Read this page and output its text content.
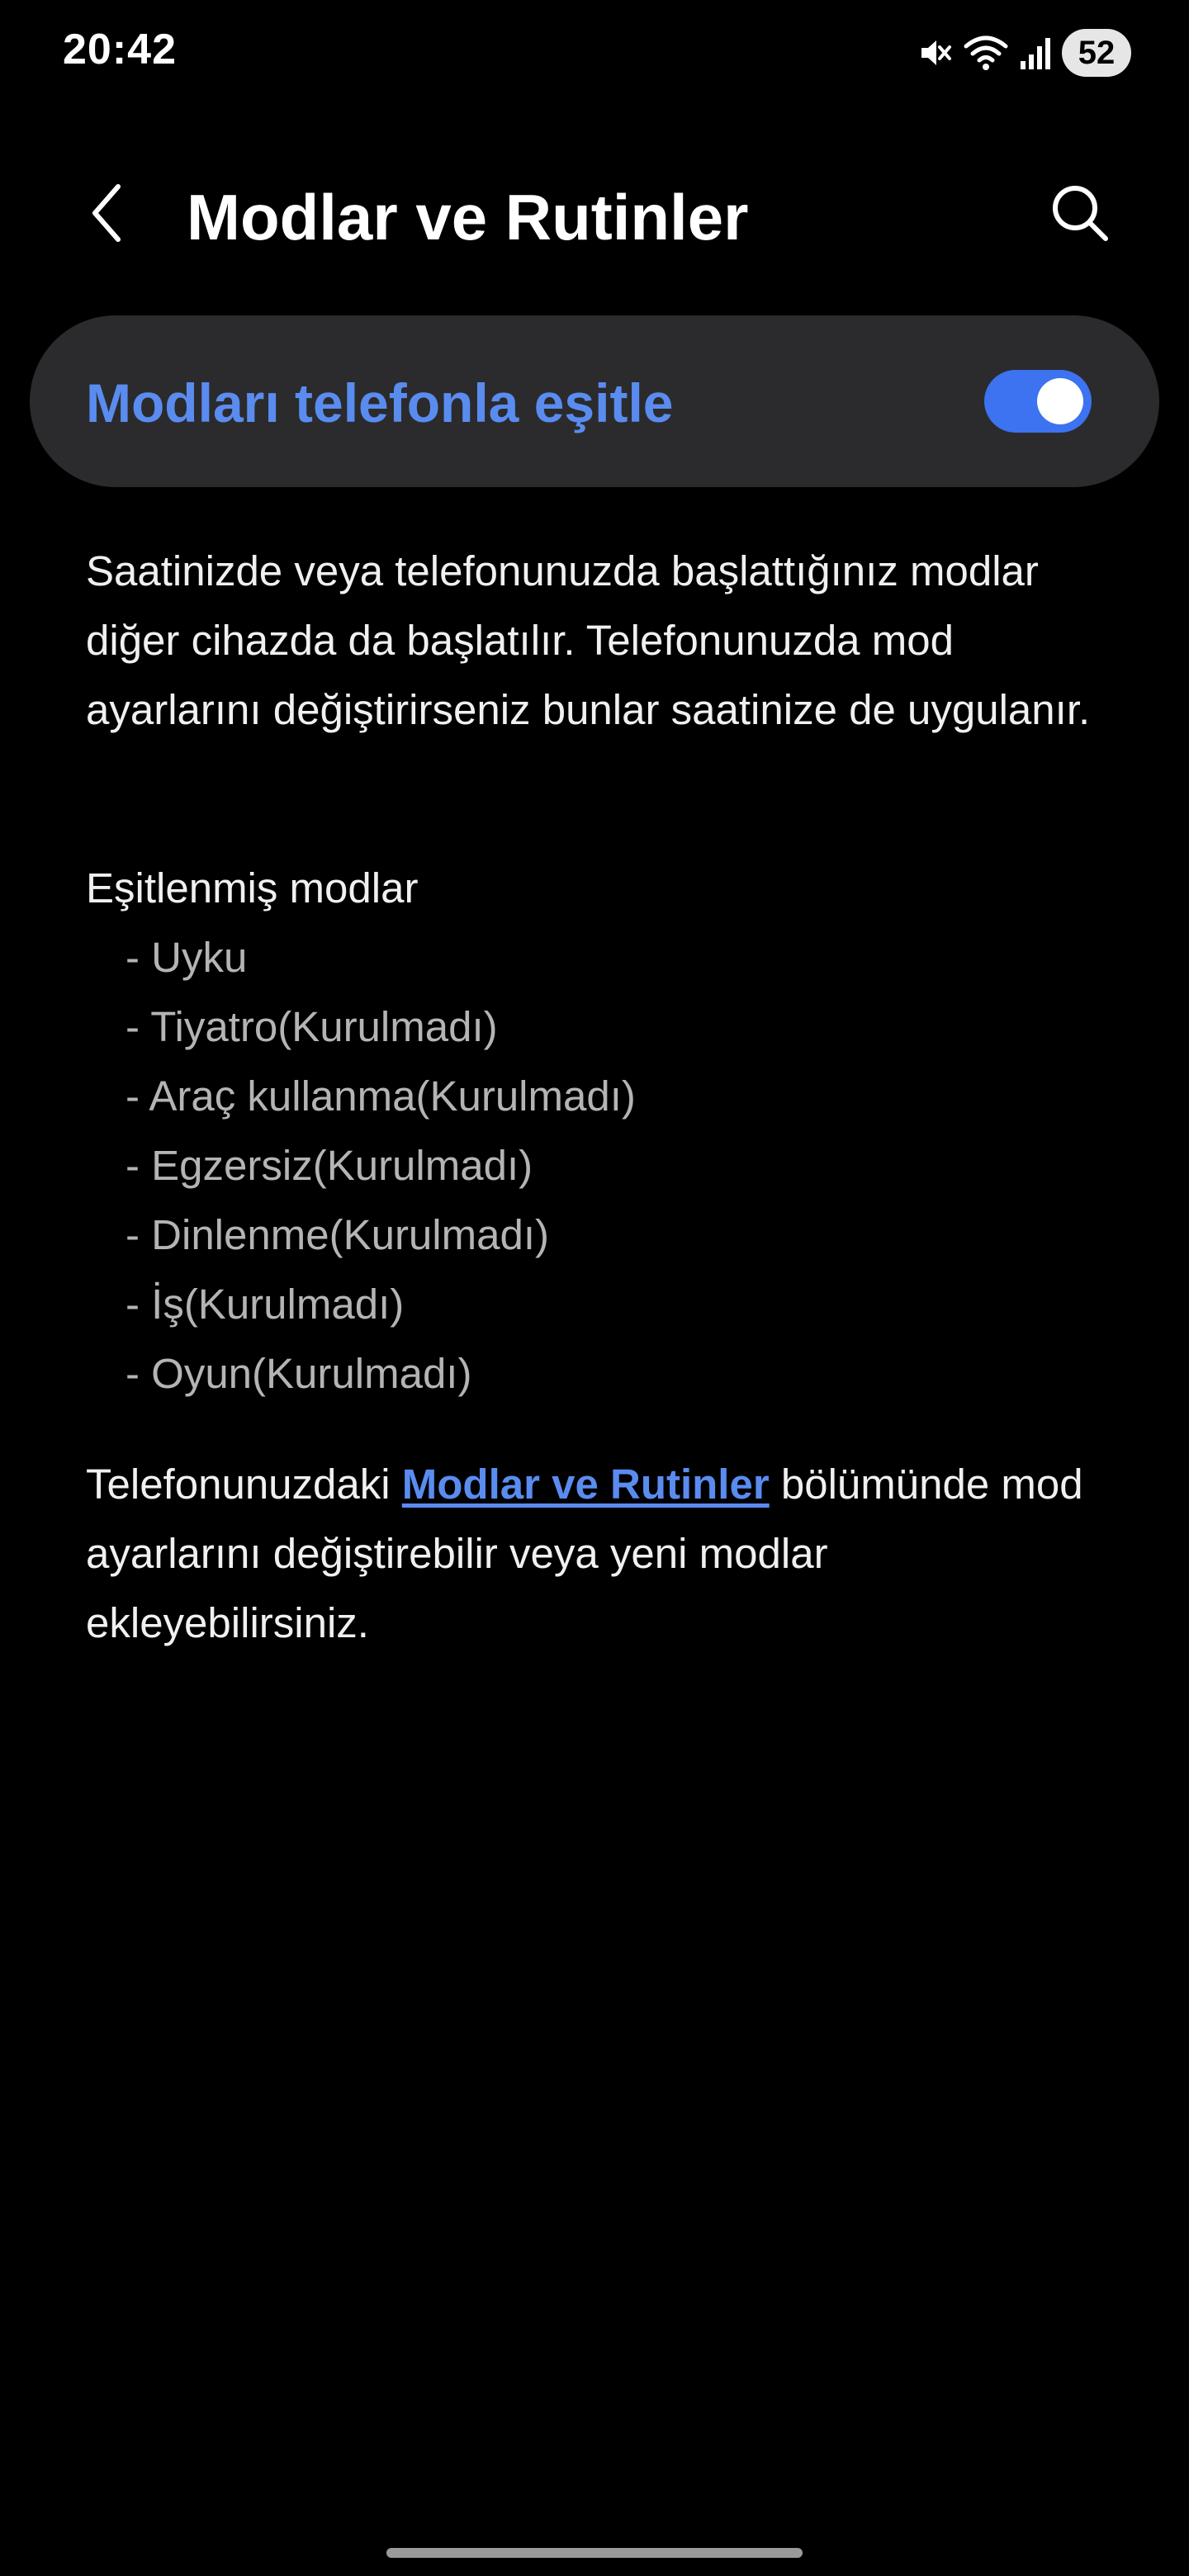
20:42	52
Modlar ve Rutinler
Modları telefonla eşitle

Saatinizde veya telefonunuzda başlattığınız modlar diğer cihazda da başlatılır. Telefonunuzda mod ayarlarını değiştirirseniz bunlar saatinize de uygulanır.

Eşitlenmiş modlar

- Uyku
- Tiyatro(Kurulmadı)
- Araç kullanma(Kurulmadı)
- Egzersiz(Kurulmadı)
- Dinlenme(Kurulmadı)
- İş(Kurulmadı)
- Oyun(Kurulmadı)

Telefonunuzdaki Modlar ve Rutinler bölümünde mod ayarlarını değiştirebilir veya yeni modlar ekleyebilirsiniz.
